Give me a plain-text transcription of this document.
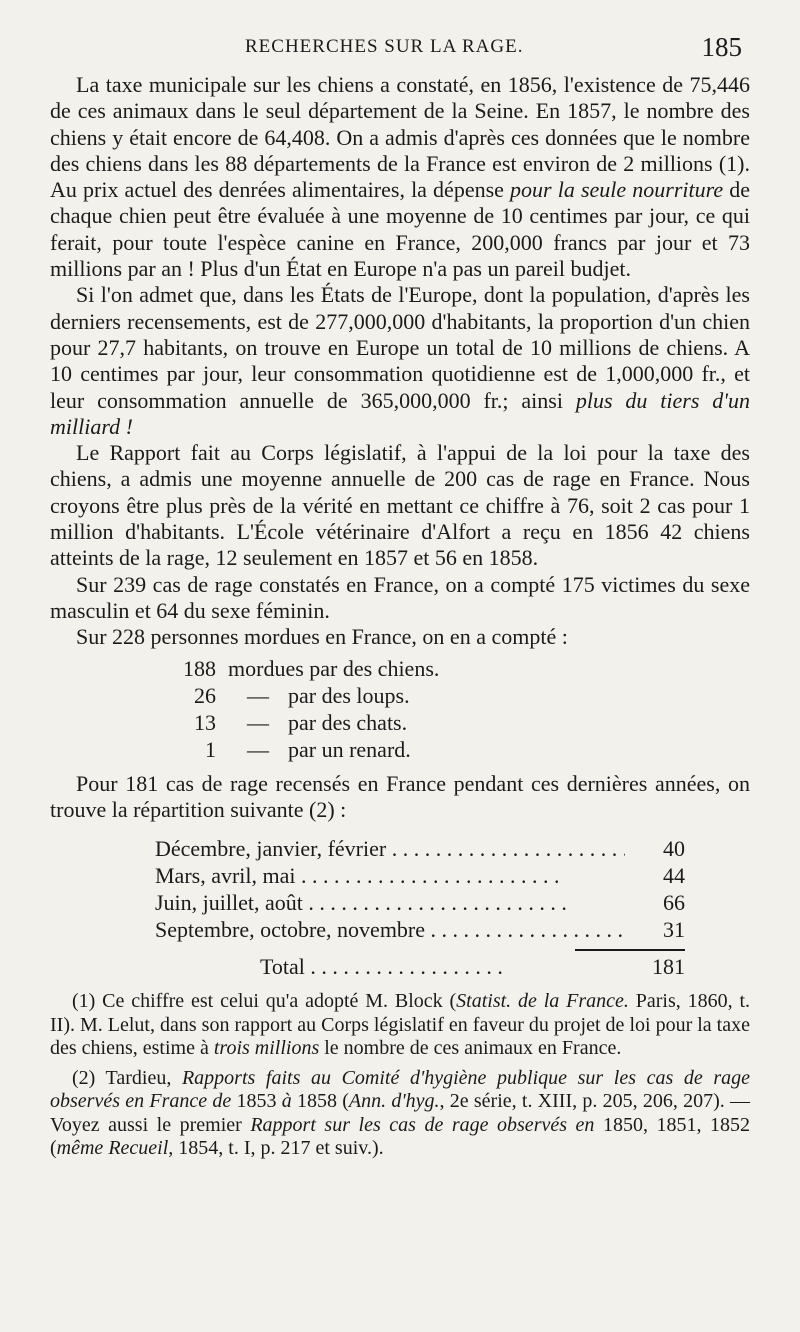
RECHERCHES SUR LA RAGE.	185

La taxe municipale sur les chiens a constaté, en 1856, l'existence de 75,446 de ces animaux dans le seul département de la Seine. En 1857, le nombre des chiens y était encore de 64,408. On a admis d'après ces données que le nombre des chiens dans les 88 départements de la France est environ de 2 millions (1). Au prix actuel des denrées alimentaires, la dépense pour la seule nourriture de chaque chien peut être évaluée à une moyenne de 10 centimes par jour, ce qui ferait, pour toute l'espèce canine en France, 200,000 francs par jour et 73 millions par an ! Plus d'un État en Europe n'a pas un pareil budjet.

Si l'on admet que, dans les États de l'Europe, dont la population, d'après les derniers recensements, est de 277,000,000 d'habitants, la proportion d'un chien pour 27,7 habitants, on trouve en Europe un total de 10 millions de chiens. A 10 centimes par jour, leur consommation quotidienne est de 1,000,000 fr., et leur consommation annuelle de 365,000,000 fr.; ainsi plus du tiers d'un milliard !

Le Rapport fait au Corps législatif, à l'appui de la loi pour la taxe des chiens, a admis une moyenne annuelle de 200 cas de rage en France. Nous croyons être plus près de la vérité en mettant ce chiffre à 76, soit 2 cas pour 1 million d'habitants. L'École vétérinaire d'Alfort a reçu en 1856 42 chiens atteints de la rage, 12 seulement en 1857 et 56 en 1858.

Sur 239 cas de rage constatés en France, on a compté 175 victimes du sexe masculin et 64 du sexe féminin.

Sur 228 personnes mordues en France, on en a compté :

188 mordues par des chiens.
26	— par des loups.
13	— par des chats.
1	— par un renard.

Pour 181 cas de rage recensés en France pendant ces dernières années, on trouve la répartition suivante (2) :

Décembre, janvier, février . . .	40
Mars, avril, mai . . .	44
Juin, juillet, août . . .	66
Septembre, octobre, novembre . . .	31
Total . . .	181

(1) Ce chiffre est celui qu'a adopté M. Block (Statist. de la France. Paris, 1860, t. II). M. Lelut, dans son rapport au Corps législatif en faveur du projet de loi pour la taxe des chiens, estime à trois millions le nombre de ces animaux en France.

(2) Tardieu, Rapports faits au Comité d'hygiène publique sur les cas de rage observés en France de 1853 à 1858 (Ann. d'hyg., 2e série, t. XIII, p. 205, 206, 207). — Voyez aussi le premier Rapport sur les cas de rage observés en 1850, 1851, 1852 (même Recueil, 1854, t. I, p. 217 et suiv.).
